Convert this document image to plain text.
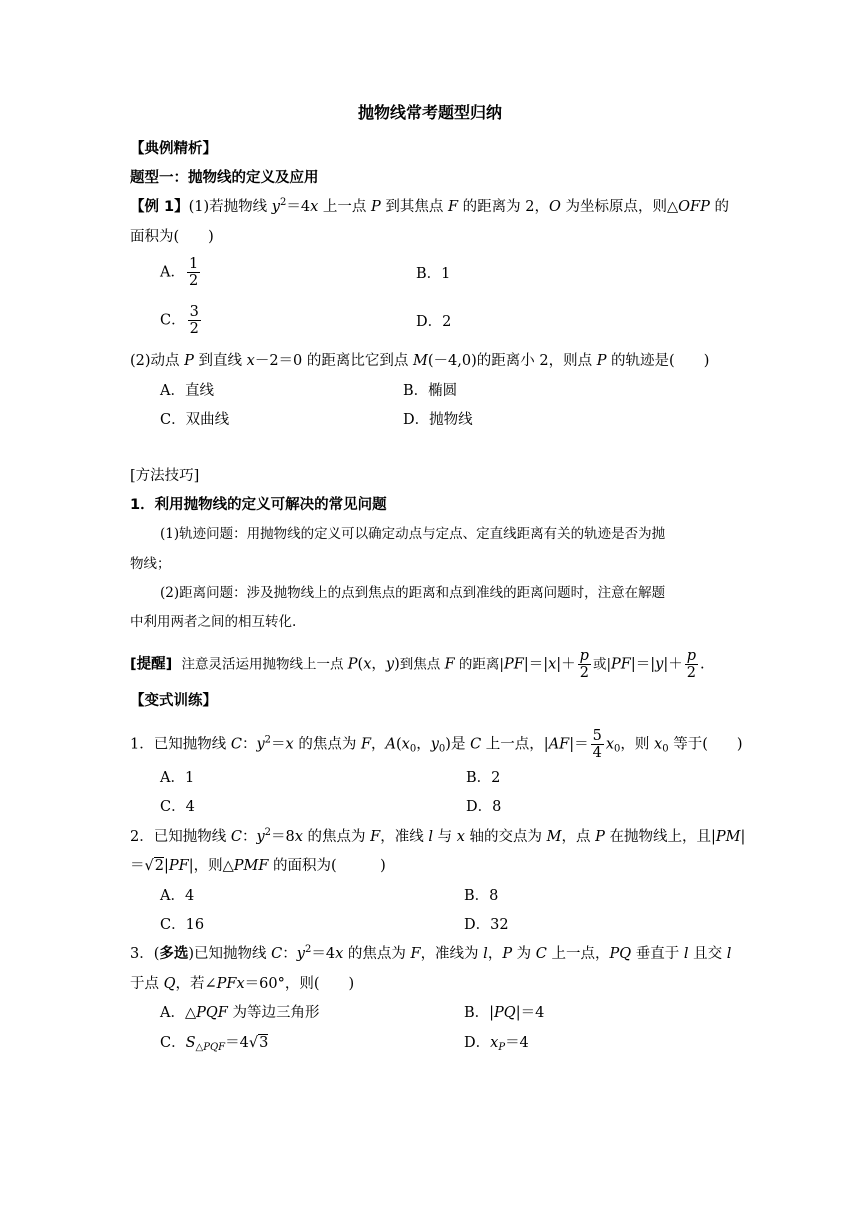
抛物线常考题型归纳
【典例精析】
题型一：抛物线的定义及应用
【例 1】(1)若抛物线 $y^2=4x$ 上一点 P 到其焦点 F 的距离为 2，O 为坐标原点，则△OFP 的
面积为(　　)
A． $\frac{1}{2}$	B．1
C． $\frac{3}{2}$	D．2
(2)动点 P 到直线 x－2＝0 的距离比它到点 M(－4,0)的距离小 2，则点 P 的轨迹是(　　)
A．直线	B．椭圆
C．双曲线	D．抛物线
[方法技巧]
1．利用抛物线的定义可解决的常见问题
(1)轨迹问题：用抛物线的定义可以确定动点与定点、定直线距离有关的轨迹是否为抛
物线；
(2)距离问题：涉及抛物线上的点到焦点的距离和点到准线的距离问题时，注意在解题
中利用两者之间的相互转化.
[提醒] 注意灵活运用抛物线上一点 P(x，y)到焦点 F 的距离$|PF|=|x|+ \frac{p}{2}$ 或$|PF|=|y|+ \frac{p}{2}$ .
【变式训练】
1．已知抛物线 C：$y^2=x$ 的焦点为 F，$A(x_0$，$y_0$)是 C 上一点，$|AF|= \frac{5}{4} x_0$，则 $x_0$ 等于(　　)
A．1	B．2
C．4	D．8
2．已知抛物线 C：$y^2=8x$ 的焦点为 F，准线 l 与 x 轴的交点为 M，点 P 在抛物线上，且|PM|
＝√2|PF|，则△PMF 的面积为(　　　)
A．4	B．8
C．16	D．32
3．(多选)已知抛物线 C：$y^2=4x$ 的焦点为 F，准线为 l，P 为 C 上一点，PQ 垂直于 l 且交 l
于点 Q，若∠PFx＝60°，则(　　)
A．△PQF 为等边三角形	B．|PQ|＝4
C．$S_{\triangle PQF}=4√3$	D．$x_P=4$
